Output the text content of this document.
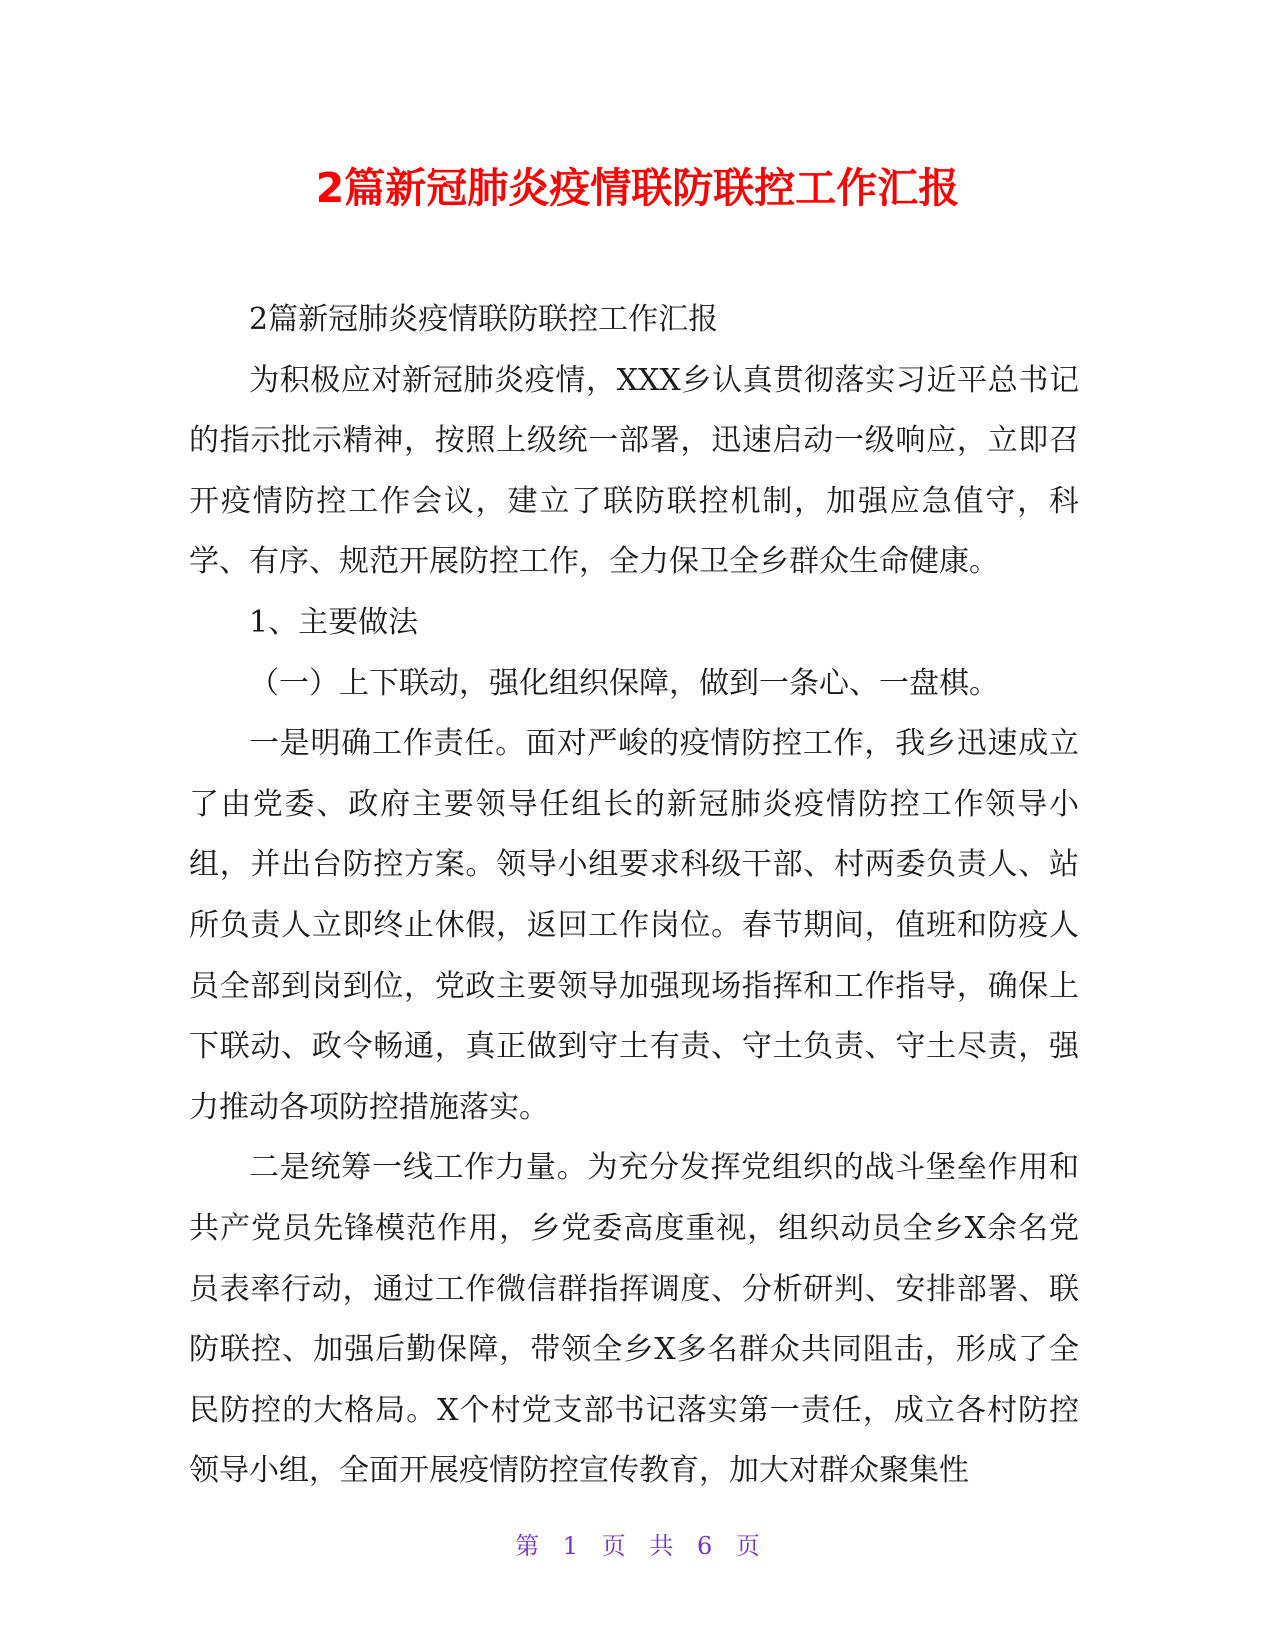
2篇新冠肺炎疫情联防联控工作汇报

2篇新冠肺炎疫情联防联控工作汇报

为积极应对新冠肺炎疫情，XXX乡认真贯彻落实习近平总书记的指示批示精神，按照上级统一部署，迅速启动一级响应，立即召开疫情防控工作会议，建立了联防联控机制，加强应急值守，科学、有序、规范开展防控工作，全力保卫全乡群众生命健康。

1、主要做法

（一）上下联动，强化组织保障，做到一条心、一盘棋。

一是明确工作责任。面对严峻的疫情防控工作，我乡迅速成立了由党委、政府主要领导任组长的新冠肺炎疫情防控工作领导小组，并出台防控方案。领导小组要求科级干部、村两委负责人、站所负责人立即终止休假，返回工作岗位。春节期间，值班和防疫人员全部到岗到位，党政主要领导加强现场指挥和工作指导，确保上下联动、政令畅通，真正做到守土有责、守土负责、守土尽责，强力推动各项防控措施落实。

二是统筹一线工作力量。为充分发挥党组织的战斗堡垒作用和共产党员先锋模范作用，乡党委高度重视，组织动员全乡X余名党员表率行动，通过工作微信群指挥调度、分析研判、安排部署、联防联控、加强后勤保障，带领全乡X多名群众共同阻击，形成了全民防控的大格局。X个村党支部书记落实第一责任，成立各村防控领导小组，全面开展疫情防控宣传教育，加大对群众聚集性

第 1 页 共 6 页
